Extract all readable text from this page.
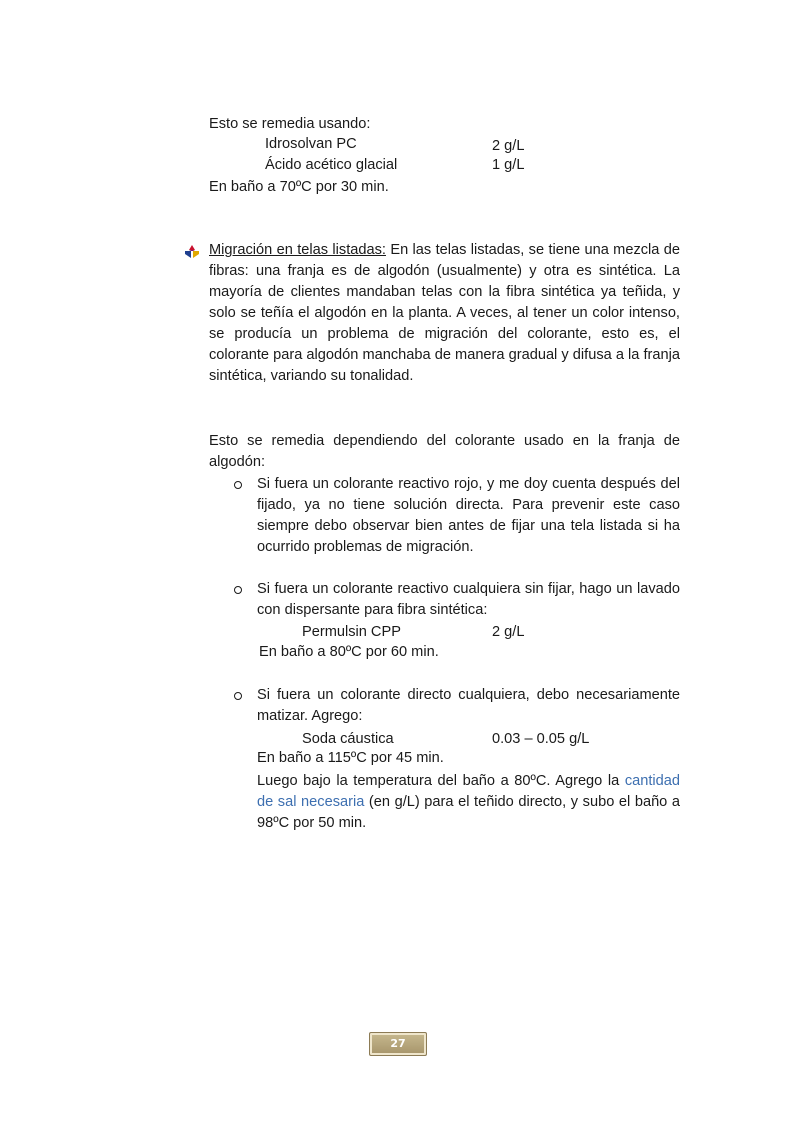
Esto se remedia usando:
Idrosolvan PC	2 g/L
Ácido acético glacial	1 g/L
En baño a 70ºC por 30 min.
Migración en telas listadas: En las telas listadas, se tiene una mezcla de fibras: una franja es de algodón (usualmente) y otra es sintética. La mayoría de clientes mandaban telas con la fibra sintética ya teñida, y solo se teñía el algodón en la planta. A veces, al tener un color intenso, se producía un problema de migración del colorante, esto es, el colorante para algodón manchaba de manera gradual y difusa a la franja sintética, variando su tonalidad.
Esto se remedia dependiendo del colorante usado en la franja de algodón:
Si fuera un colorante reactivo rojo, y me doy cuenta después del fijado, ya no tiene solución directa. Para prevenir este caso siempre debo observar bien antes de fijar una tela listada si ha ocurrido problemas de migración.
Si fuera un colorante reactivo cualquiera sin fijar, hago un lavado con dispersante para fibra sintética:
Permulsin CPP	2 g/L
En baño a 80ºC por 60 min.
Si fuera un colorante directo cualquiera, debo necesariamente matizar. Agrego:
Soda cáustica	0.03 – 0.05 g/L
En baño a 115ºC por 45 min.
Luego bajo la temperatura del baño a 80ºC. Agrego la cantidad de sal necesaria (en g/L) para el teñido directo, y subo el baño a 98ºC por 50 min.
27
